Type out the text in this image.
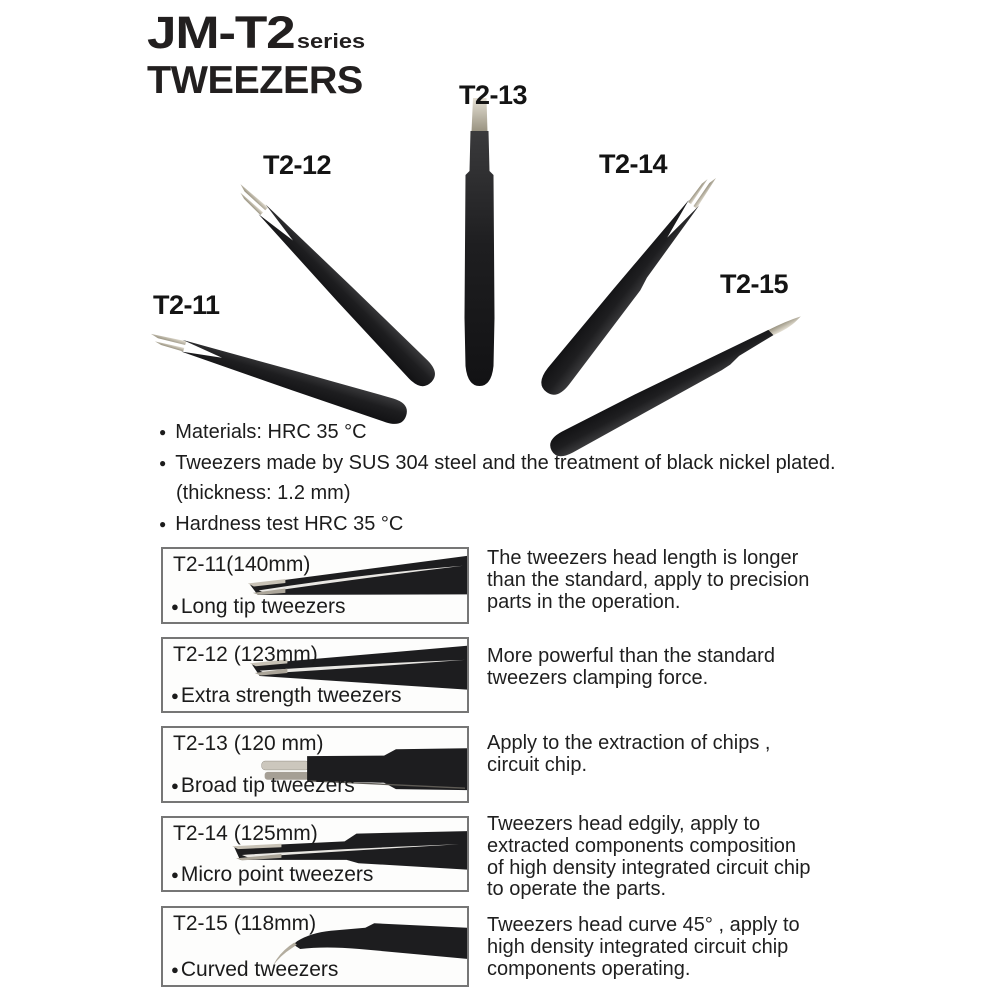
JM-T2 series
TWEEZERS
T2-11
T2-12
T2-13
T2-14
T2-15
● Materials: HRC 35 °C
● Tweezers made by SUS 304 steel and the treatment of black nickel plated.
(thickness: 1.2 mm)
● Hardness test HRC 35 °C
T2-11(140mm)
●Long tip tweezers
The tweezers head length is longer
than the standard, apply to precision
parts in the operation.
T2-12 (123mm)
●Extra strength tweezers
More powerful than the standard
tweezers clamping force.
T2-13 (120 mm)
●Broad tip tweezers
Apply to the extraction of chips ,
circuit chip.
T2-14 (125mm)
●Micro point tweezers
Tweezers head edgily, apply to
extracted components composition
of high density integrated circuit chip
to operate the parts.
T2-15 (118mm)
●Curved tweezers
Tweezers head curve 45° , apply to
high density integrated circuit chip
components operating.
